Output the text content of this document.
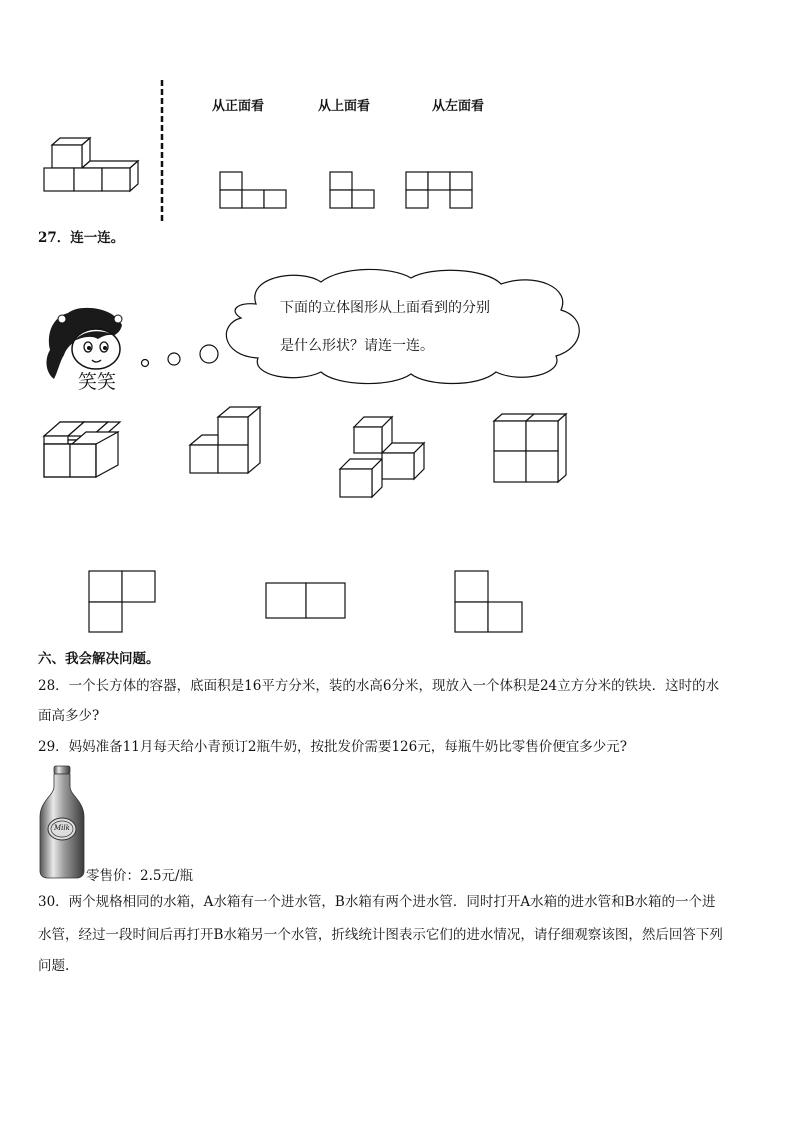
从正面看	从上面看	从左面看
27．连一连。
笑笑
下面的立体图形从上面看到的分别
是什么形状？请连一连。
六、我会解决问题。
28．一个长方体的容器，底面积是16平方分米，装的水高6分米，现放入一个体积是24立方分米的铁块．这时的水
面高多少?
29．妈妈准备11月每天给小青预订2瓶牛奶，按批发价需要126元，每瓶牛奶比零售价便宜多少元?
Milk
零售价：2.5元/瓶
30．两个规格相同的水箱，A水箱有一个进水管，B水箱有两个进水管．同时打开A水箱的进水管和B水箱的一个进
水管，经过一段时间后再打开B水箱另一个水管，折线统计图表示它们的进水情况，请仔细观察该图，然后回答下列
问题.
